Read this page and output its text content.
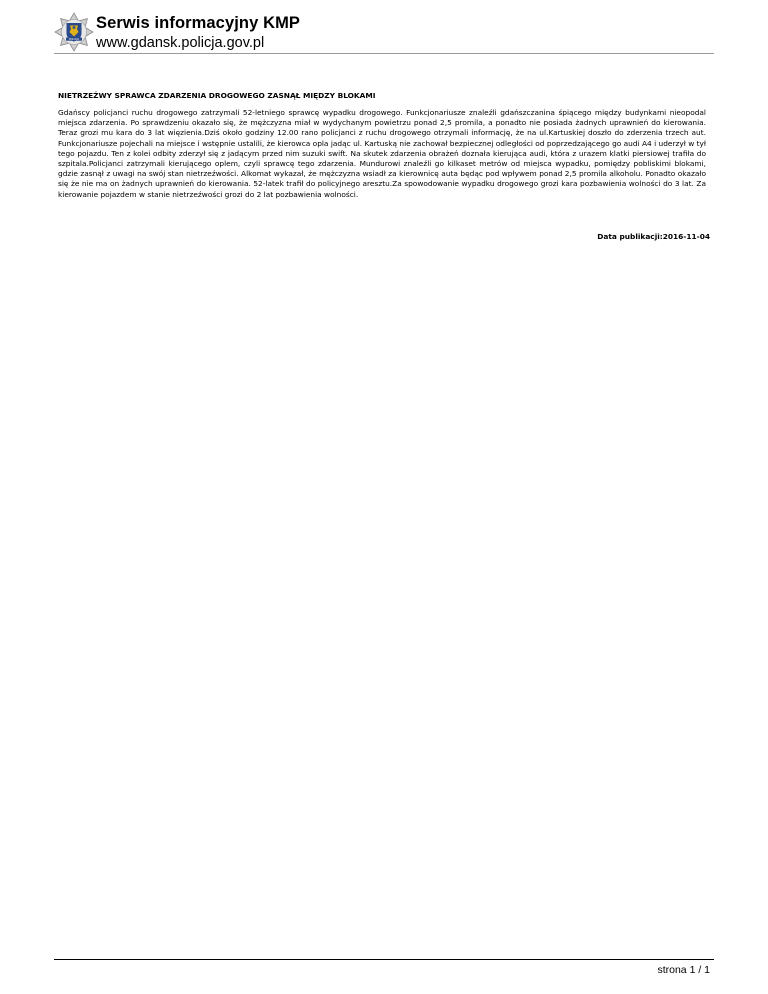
POLICJA
Serwis informacyjny KMP
www.gdansk.policja.gov.pl
NIETRZEŹWY SPRAWCA ZDARZENIA DROGOWEGO ZASNĄŁ MIĘDZY BLOKAMI
Gdańscy policjanci ruchu drogowego zatrzymali 52-letniego sprawcę wypadku drogowego. Funkcjonariusze znaleźli gdańszczanina śpiącego między budynkami nieopodal miejsca zdarzenia. Po sprawdzeniu okazało się, że mężczyzna miał w wydychanym powietrzu ponad 2,5 promila, a ponadto nie posiada żadnych uprawnień do kierowania. Teraz grozi mu kara do 3 lat więzienia.Dziś około godziny 12.00 rano policjanci z ruchu drogowego otrzymali informację, że na ul.Kartuskiej doszło do zderzenia trzech aut. Funkcjonariusze pojechali na miejsce i wstępnie ustalili, że kierowca opla jadąc ul. Kartuską nie zachował bezpiecznej odległości od poprzedzającego go audi A4 i uderzył w tył tego pojazdu. Ten z kolei odbity zderzył się z jadącym przed nim suzuki swift. Na skutek zdarzenia obrażeń doznała kierująca audi, która z urazem klatki piersiowej trafiła do szpitala.Policjanci zatrzymali kierującego oplem, czyli sprawcę tego zdarzenia. Mundurowi znaleźli go kilkaset metrów od miejsca wypadku, pomiędzy pobliskimi blokami, gdzie zasnął z uwagi na swój stan nietrzeźwości. Alkomat wykazał, że mężczyzna wsiadł za kierownicę auta będąc pod wpływem ponad 2,5 promila alkoholu. Ponadto okazało się że nie ma on żadnych uprawnień do kierowania. 52-latek trafił do policyjnego aresztu.Za spowodowanie wypadku drogowego grozi kara pozbawienia wolności do 3 lat. Za kierowanie pojazdem w stanie nietrzeźwości grozi do 2 lat pozbawienia wolności.
Data publikacji:2016-11-04
strona 1 / 1
